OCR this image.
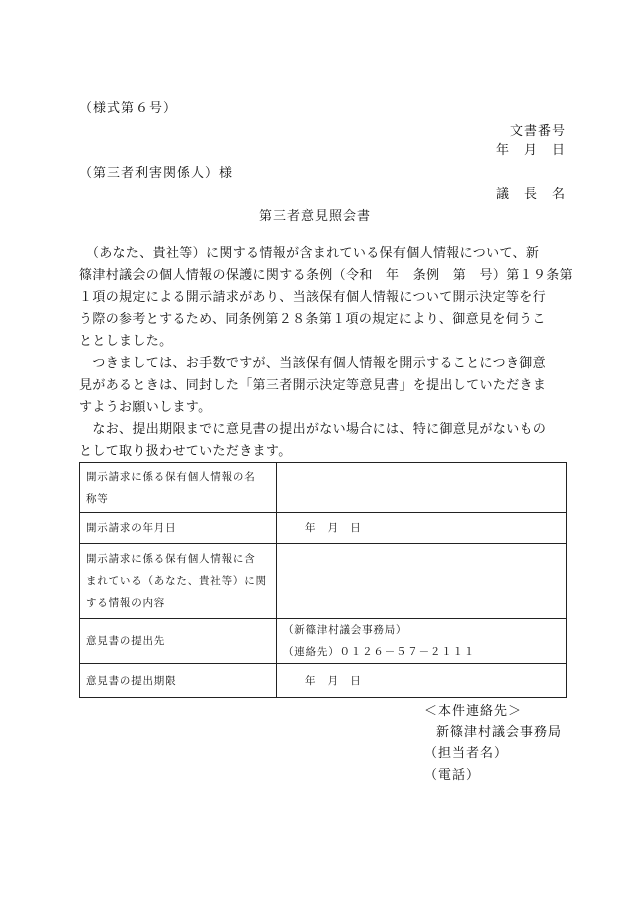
（様式第６号）
文書番号
年　月　日
（第三者利害関係人）様
議　長　名
第三者意見照会書
　（あなた、貴社等）に関する情報が含まれている保有個人情報について、新
篠津村議会の個人情報の保護に関する条例（令和　年　条例　第　号）第１９条第
１項の規定による開示請求があり、当該保有個人情報について開示決定等を行
う際の参考とするため、同条例第２８条第１項の規定により、御意見を伺うこ
ととしました。
　つきましては、お手数ですが、当該保有個人情報を開示することにつき御意
見があるときは、同封した「第三者開示決定等意見書」を提出していただきま
すようお願いします。
　なお、提出期限までに意見書の提出がない場合には、特に御意見がないもの
として取り扱わせていただきます。
開示請求に係る保有個人情報の名
称等	

開示請求の年月日	年　月　日

開示請求に係る保有個人情報に含
まれている（あなた、貴社等）に関
する情報の内容	

意見書の提出先	（新篠津村議会事務局）
（連絡先）０１２６－５７－２１１１

意見書の提出期限	年　月　日
＜本件連絡先＞
新篠津村議会事務局
（担当者名）
（電話）
